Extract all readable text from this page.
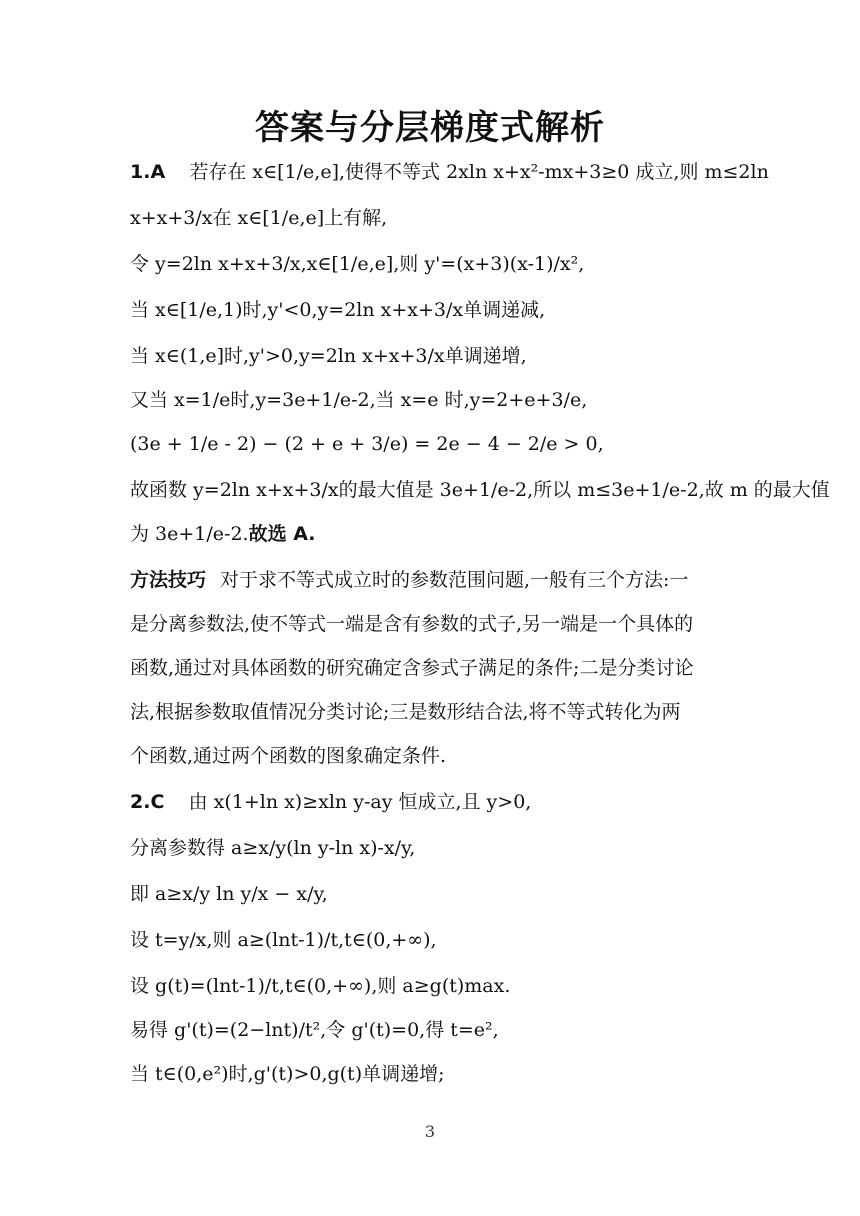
答案与分层梯度式解析
1.A 若存在 x∈[1/e,e],使得不等式 2xln x+x²-mx+3≥0 成立,则 m≤2ln
x+x+3/x在 x∈[1/e,e]上有解,
令 y=2ln x+x+3/x,x∈[1/e,e],则 y'=(x+3)(x-1)/x²,
当 x∈[1/e,1)时,y'<0,y=2ln x+x+3/x单调递减,
当 x∈(1,e]时,y'>0,y=2ln x+x+3/x单调递增,
又当 x=1/e时,y=3e+1/e-2,当 x=e 时,y=2+e+3/e,
(3e + 1/e - 2) − (2 + e + 3/e) = 2e − 4 − 2/e > 0,
故函数 y=2ln x+x+3/x的最大值是 3e+1/e-2,所以 m≤3e+1/e-2,故 m 的最大值
为 3e+1/e-2.故选 A.
方法技巧 对于求不等式成立时的参数范围问题,一般有三个方法:一
是分离参数法,使不等式一端是含有参数的式子,另一端是一个具体的
函数,通过对具体函数的研究确定含参式子满足的条件;二是分类讨论
法,根据参数取值情况分类讨论;三是数形结合法,将不等式转化为两
个函数,通过两个函数的图象确定条件.
2.C 由 x(1+ln x)≥xln y-ay 恒成立,且 y>0,
分离参数得 a≥x/y(ln y-ln x)-x/y,
即 a≥x/y ln y/x − x/y,
设 t=y/x,则 a≥(lnt-1)/t,t∈(0,+∞),
设 g(t)=(lnt-1)/t,t∈(0,+∞),则 a≥g(t)max.
易得 g'(t)=(2−lnt)/t²,令 g'(t)=0,得 t=e²,
当 t∈(0,e²)时,g'(t)>0,g(t)单调递增;
3
